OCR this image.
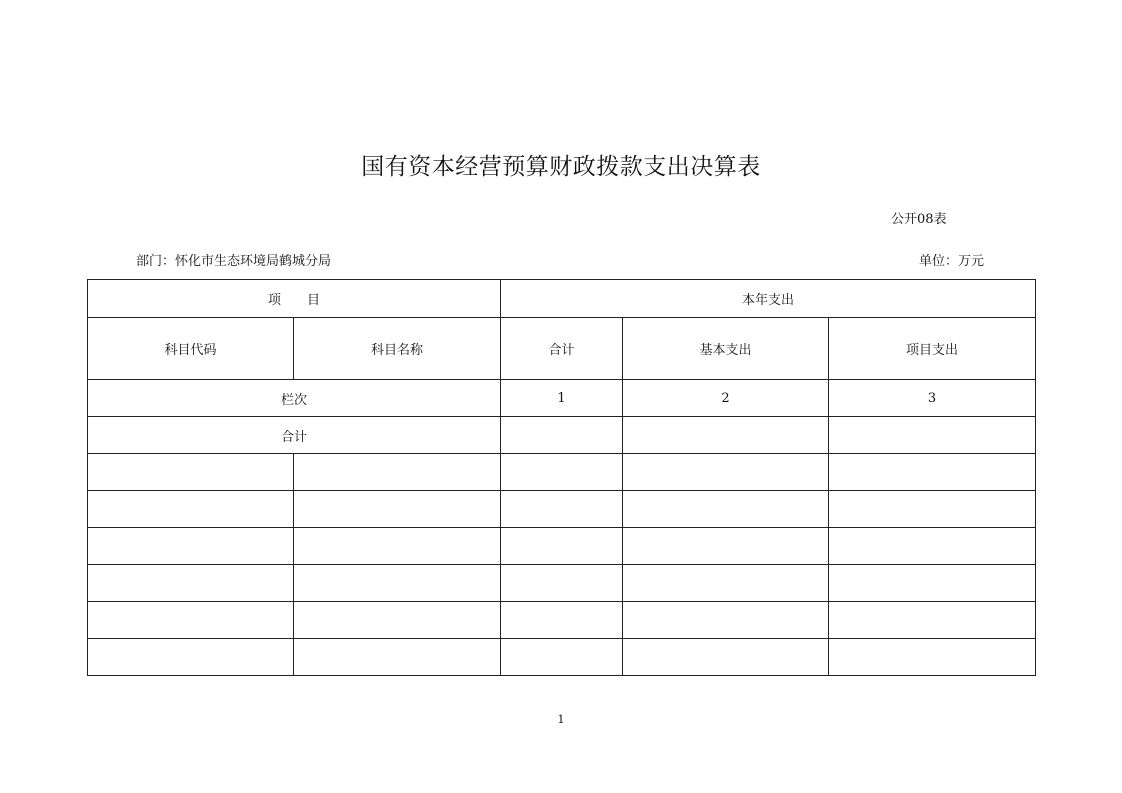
国有资本经营预算财政拨款支出决算表
公开08表
部门：怀化市生态环境局鹤城分局	单位：万元
项　　目		本年支出		
科目代码	科目名称	合计	基本支出	项目支出
栏次		1	2	3
合计				

1
